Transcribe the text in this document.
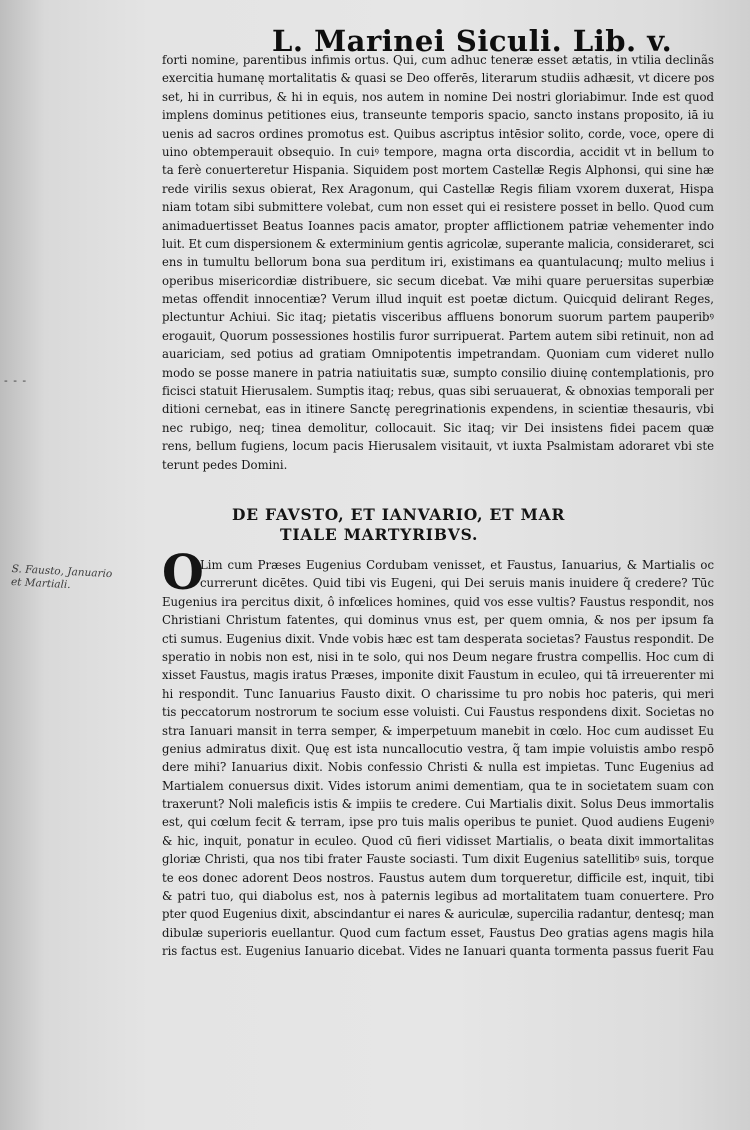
L. Marinei Siculi. Lib. v.
forti nomine, parentibus infimis ortus. Qui, cum adhuc teneræ esset ætatis, in vtilia declinãs
exercitia humanę mortalitatis & quasi se Deo offerēs, literarum studiis adhæsit, vt dicere pos
set, hi in curribus, & hi in equis, nos autem in nomine Dei nostri gloriabimur. Inde est quod
implens dominus petitiones eius, transeunte temporis spacio, sancto instans proposito, iā iu
uenis ad sacros ordines promotus est. Quibus ascriptus intēsior solito, corde, voce, opere di
uino obtemperauit obsequio. In cuiꝰ tempore, magna orta discordia, accidit vt in bellum to
ta ferè conuerteretur Hispania. Siquidem post mortem Castellæ Regis Alphonsi, qui sine hæ
rede virilis sexus obierat, Rex Aragonum, qui Castellæ Regis filiam vxorem duxerat, Hispa
niam totam sibi submittere volebat, cum non esset qui ei resistere posset in bello. Quod cum
animaduertisset Beatus Ioannes pacis amator, propter afflictionem patriæ vehementer indo
luit. Et cum dispersionem & exterminium gentis agricolæ, superante malicia, consideraret, sci
ens in tumultu bellorum bona sua perditum iri, existimans ea quantulacunq; multo melius i
operibus misericordiæ distribuere, sic secum dicebat. Væ mihi quare peruersitas superbiæ
metas offendit innocentiæ? Verum illud inquit est poetæ dictum. Quicquid delirant Reges,
plectuntur Achiui. Sic itaq; pietatis visceribus affluens bonorum suorum partem pauperibꝰ
erogauit, Quorum possessiones hostilis furor surripuerat. Partem autem sibi retinuit, non ad
auariciam, sed potius ad gratiam Omnipotentis impetrandam. Quoniam cum videret nullo
modo se posse manere in patria natiuitatis suæ, sumpto consilio diuinę contemplationis, pro
ficisci statuit Hierusalem. Sumptis itaq; rebus, quas sibi seruauerat, & obnoxias temporali per
ditioni cernebat, eas in itinere Sanctę peregrinationis expendens, in scientiæ thesauris, vbi
nec rubigo, neq; tinea demolitur, collocauit. Sic itaq; vir Dei insistens fidei pacem quæ
rens, bellum fugiens, locum pacis Hierusalem visitauit, vt iuxta Psalmistam adoraret vbi ste
terunt pedes Domini.
DE FAVSTO, ET IANVARIO, ET MAR
TIALE MARTYRIBVS.
O
Lim cum Præses Eugenius Cordubam venisset, et Faustus, Ianuarius, & Martialis oc
currerunt dicētes. Quid tibi vis Eugeni, qui Dei seruis manis inuidere q̃ credere? Tūc
Eugenius ira percitus dixit, ô infœlices homines, quid vos esse vultis? Faustus respondit, nos
Christiani Christum fatentes, qui dominus vnus est, per quem omnia, & nos per ipsum fa
cti sumus. Eugenius dixit. Vnde vobis hæc est tam desperata societas? Faustus respondit. De
speratio in nobis non est, nisi in te solo, qui nos Deum negare frustra compellis. Hoc cum di
xisset Faustus, magis iratus Præses, imponite dixit Faustum in eculeo, qui tā irreuerenter mi
hi respondit. Tunc Ianuarius Fausto dixit. O charissime tu pro nobis hoc pateris, qui meri
tis peccatorum nostrorum te socium esse voluisti. Cui Faustus respondens dixit. Societas no
stra Ianuari mansit in terra semper, & imperpetuum manebit in cœlo. Hoc cum audisset Eu
genius admiratus dixit. Quę est ista nuncallocutio vestra, q̃ tam impie voluistis ambo respō
dere mihi? Ianuarius dixit. Nobis confessio Christi & nulla est impietas. Tunc Eugenius ad
Martialem conuersus dixit. Vides istorum animi dementiam, qua te in societatem suam con
traxerunt? Noli maleficis istis & impiis te credere. Cui Martialis dixit. Solus Deus immortalis
est, qui cœlum fecit & terram, ipse pro tuis malis operibus te puniet. Quod audiens Eugeniꝰ
& hic, inquit, ponatur in eculeo. Quod cū fieri vidisset Martialis, o beata dixit immortalitas
gloriæ Christi, qua nos tibi frater Fauste sociasti. Tum dixit Eugenius satellitibꝰ suis, torque
te eos donec adorent Deos nostros. Faustus autem dum torqueretur, difficile est, inquit, tibi
& patri tuo, qui diabolus est, nos à paternis legibus ad mortalitatem tuam conuertere. Pro
pter quod Eugenius dixit, abscindantur ei nares & auriculæ, supercilia radantur, dentesq; man
dibulæ superioris euellantur. Quod cum factum esset, Faustus Deo gratias agens magis hila
ris factus est. Eugenius Ianuario dicebat. Vides ne Ianuari quanta tormenta passus fuerit Fau
S. Fausto, Januario
et Martiali.
- - -
